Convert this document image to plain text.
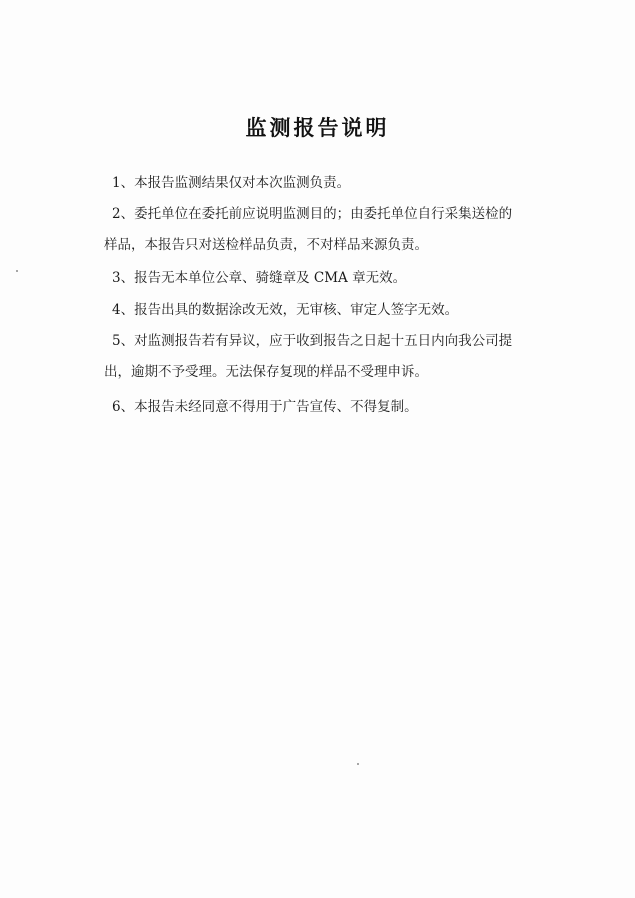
监测报告说明
1、本报告监测结果仅对本次监测负责。
2、委托单位在委托前应说明监测目的；由委托单位自行采集送检的
样品，本报告只对送检样品负责，不对样品来源负责。
3、报告无本单位公章、骑缝章及 CMA 章无效。
4、报告出具的数据涂改无效，无审核、审定人签字无效。
5、对监测报告若有异议，应于收到报告之日起十五日内向我公司提
出，逾期不予受理。无法保存复现的样品不受理申诉。
6、本报告未经同意不得用于广告宣传、不得复制。
